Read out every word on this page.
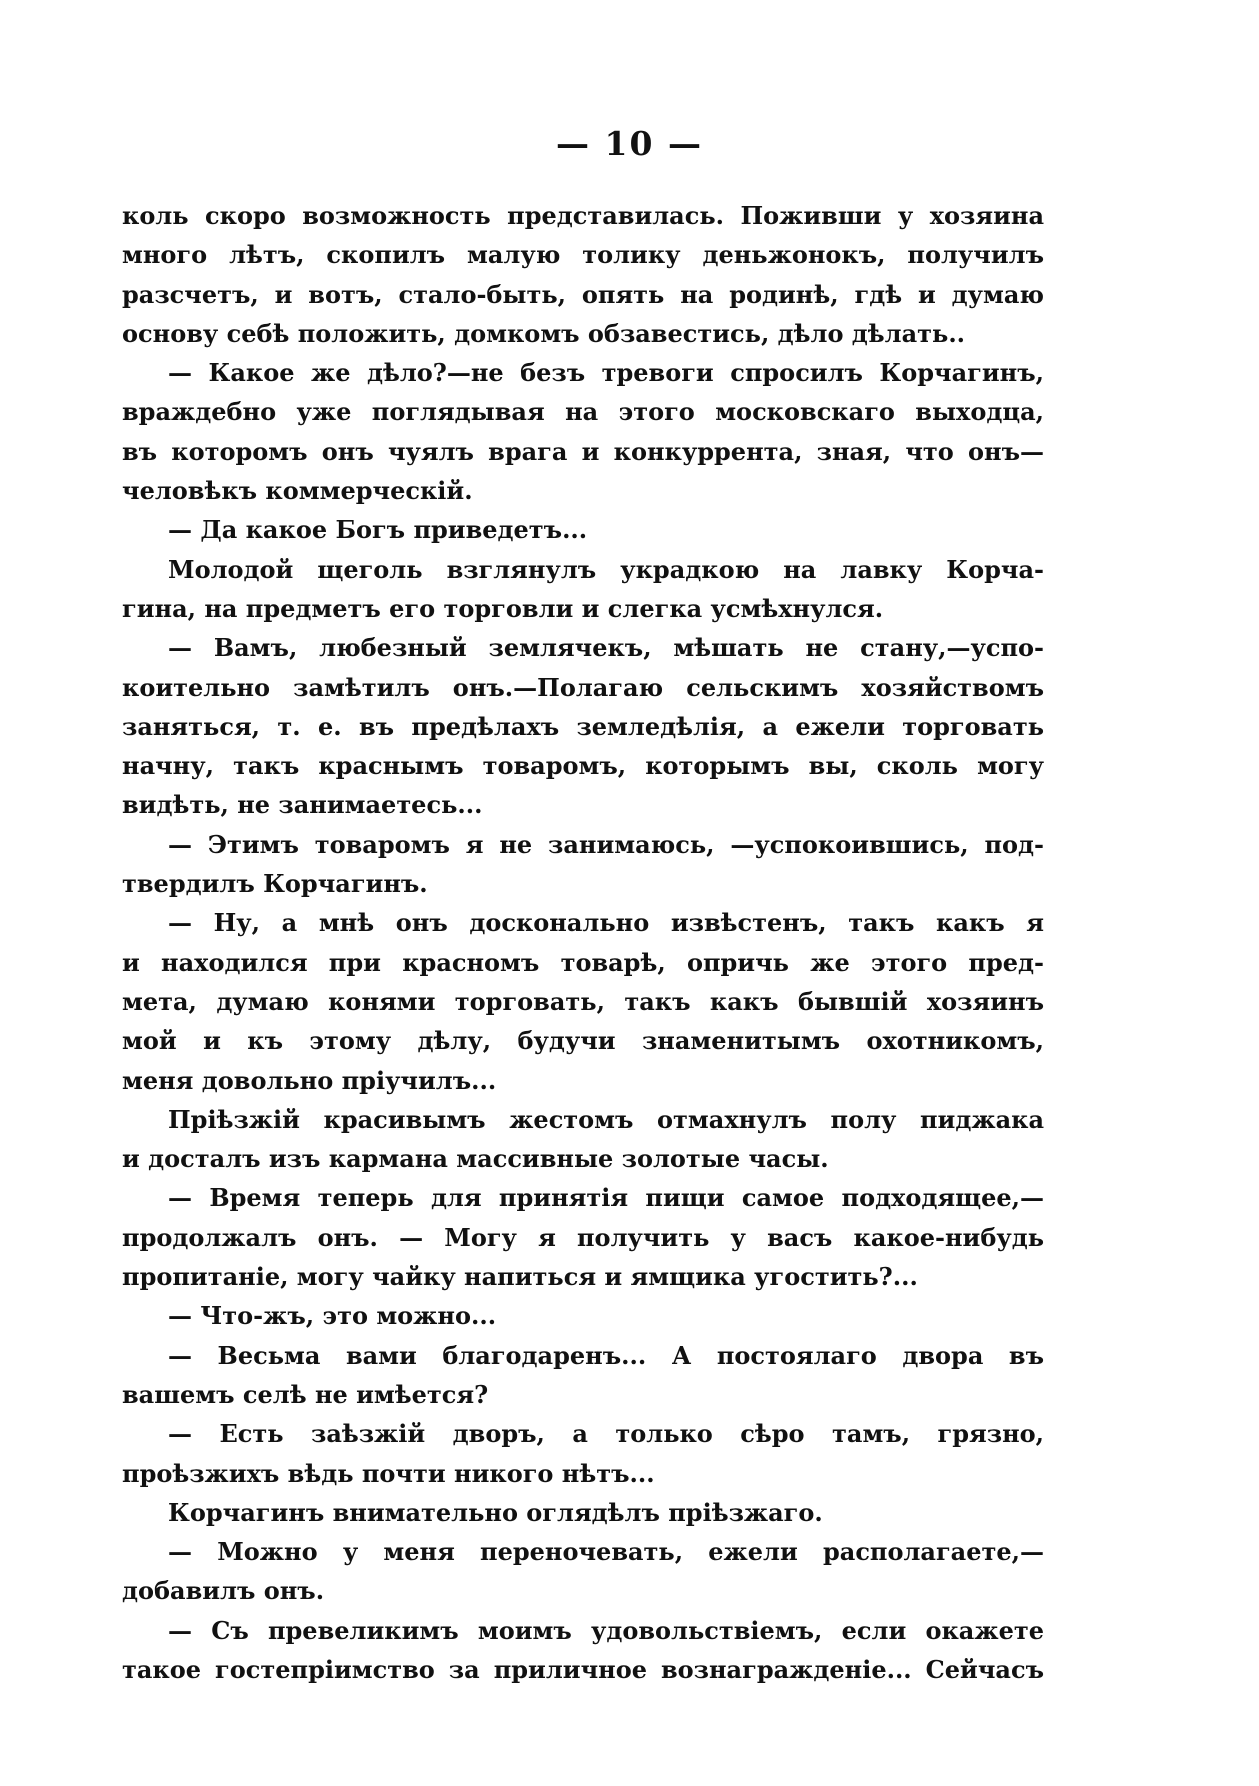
— 10 —
коль скоро возможность представилась. Поживши у хозяина
много лѣтъ, скопилъ малую толику деньжонокъ, получилъ
разсчетъ, и вотъ, стало-быть, опять на родинѣ, гдѣ и думаю
основу себѣ положить, домкомъ обзавестись, дѣло дѣлать..
— Какое же дѣло?—не безъ тревоги спросилъ Корчагинъ,
враждебно уже поглядывая на этого московскаго выходца,
въ которомъ онъ чуялъ врага и конкуррента, зная, что онъ—
человѣкъ коммерческій.
— Да какое Богъ приведетъ...
Молодой щеголь взглянулъ украдкою на лавку Корча-
гина, на предметъ его торговли и слегка усмѣхнулся.
— Вамъ, любезный землячекъ, мѣшать не стану,—успо-
коительно замѣтилъ онъ.—Полагаю сельскимъ хозяйствомъ
заняться, т. е. въ предѣлахъ земледѣлія, а ежели торговать
начну, такъ краснымъ товаромъ, которымъ вы, сколь могу
видѣть, не занимаетесь...
— Этимъ товаромъ я не занимаюсь, —успокоившись, под-
твердилъ Корчагинъ.
— Ну, а мнѣ онъ досконально извѣстенъ, такъ какъ я
и находился при красномъ товарѣ, опричь же этого пред-
мета, думаю конями торговать, такъ какъ бывшій хозяинъ
мой и къ этому дѣлу, будучи знаменитымъ охотникомъ,
меня довольно пріучилъ...
Пріѣзжій красивымъ жестомъ отмахнулъ полу пиджака
и досталъ изъ кармана массивные золотые часы.
— Время теперь для принятія пищи самое подходящее,—
продолжалъ онъ. — Могу я получить у васъ какое-нибудь
пропитаніе, могу чайку напиться и ямщика угостить?...
— Что-жъ, это можно...
— Весьма вами благодаренъ... А постоялаго двора въ
вашемъ селѣ не имѣется?
— Есть заѣзжій дворъ, а только сѣро тамъ, грязно,
проѣзжихъ вѣдь почти никого нѣтъ...
Корчагинъ внимательно оглядѣлъ пріѣзжаго.
— Можно у меня переночевать, ежели располагаете,—
добавилъ онъ.
— Съ превеликимъ моимъ удовольствіемъ, если окажете
такое гостепріимство за приличное вознагражденіе... Сейчасъ
